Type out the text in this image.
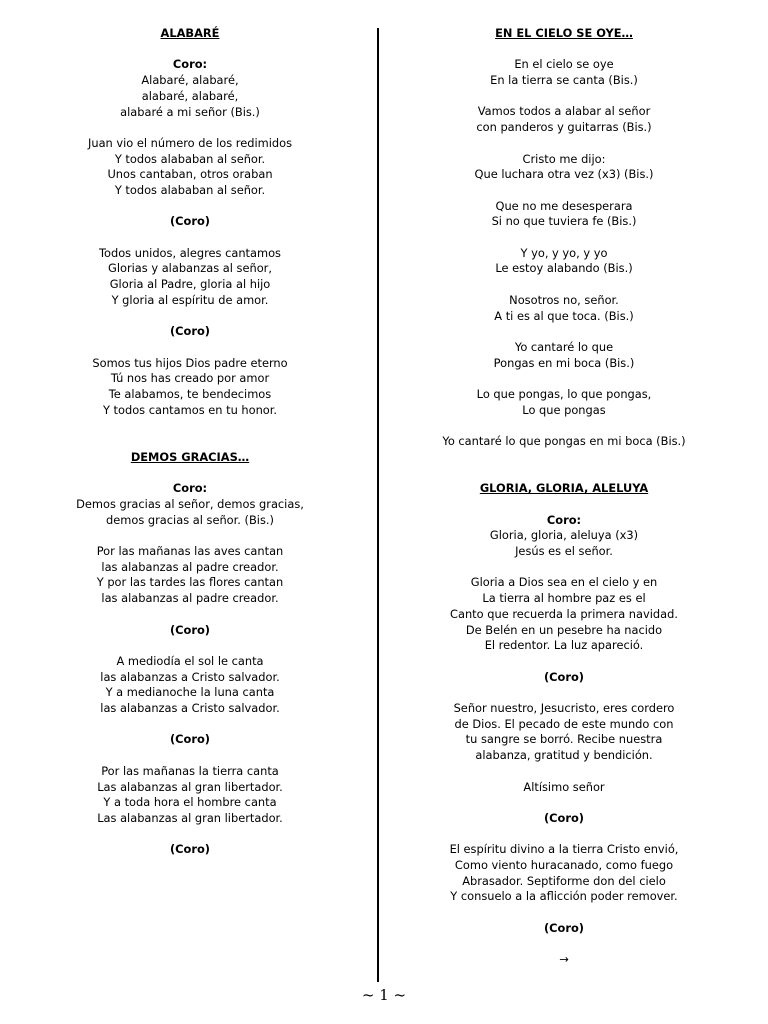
ALABARÉ
Coro:
Alabaré, alabaré,
alabaré, alabaré,
alabaré a mi señor (Bis.)
Juan vio el número de los redimidos
Y todos alababan al señor.
Unos cantaban, otros oraban
Y todos alababan al señor.
(Coro)
Todos unidos, alegres cantamos
Glorias y alabanzas al señor,
Gloria al Padre, gloria al hijo
Y gloria al espíritu de amor.
(Coro)
Somos tus hijos Dios padre eterno
Tú nos has creado por amor
Te alabamos, te bendecimos
Y todos cantamos en tu honor.
DEMOS GRACIAS…
Coro:
Demos gracias al señor, demos gracias,
demos gracias al señor. (Bis.)
Por las mañanas las aves cantan
las alabanzas al padre creador.
Y por las tardes las flores cantan
las alabanzas al padre creador.
(Coro)
A mediodía el sol le canta
las alabanzas a Cristo salvador.
Y a medianoche la luna canta
las alabanzas a Cristo salvador.
(Coro)
Por las mañanas la tierra canta
Las alabanzas al gran libertador.
Y a toda hora el hombre canta
Las alabanzas al gran libertador.
(Coro)
EN EL CIELO SE OYE…
En el cielo se oye
En la tierra se canta (Bis.)
Vamos todos a alabar al señor
con panderos y guitarras (Bis.)
Cristo me dijo:
Que luchara otra vez (x3) (Bis.)
Que no me desesperara
Si no que tuviera fe (Bis.)
Y yo, y yo, y yo
Le estoy alabando (Bis.)
Nosotros no, señor.
A ti es al que toca. (Bis.)
Yo cantaré lo que
Pongas en mi boca (Bis.)
Lo que pongas, lo que pongas,
Lo que pongas
Yo cantaré lo que pongas en mi boca (Bis.)
GLORIA, GLORIA, ALELUYA
Coro:
Gloria, gloria, aleluya (x3)
Jesús es el señor.
Gloria a Dios sea en el cielo y en
La tierra al hombre paz es el
Canto que recuerda la primera navidad.
De Belén en un pesebre ha nacido
El redentor. La luz apareció.
(Coro)
Señor nuestro, Jesucristo, eres cordero
de Dios. El pecado de este mundo con
tu sangre se borró. Recibe nuestra
alabanza, gratitud y bendición.
Altísimo señor
(Coro)
El espíritu divino a la tierra Cristo envió,
Como viento huracanado, como fuego
Abrasador. Septiforme don del cielo
Y consuelo a la aflicción poder remover.
(Coro)
→
~ 1 ~
